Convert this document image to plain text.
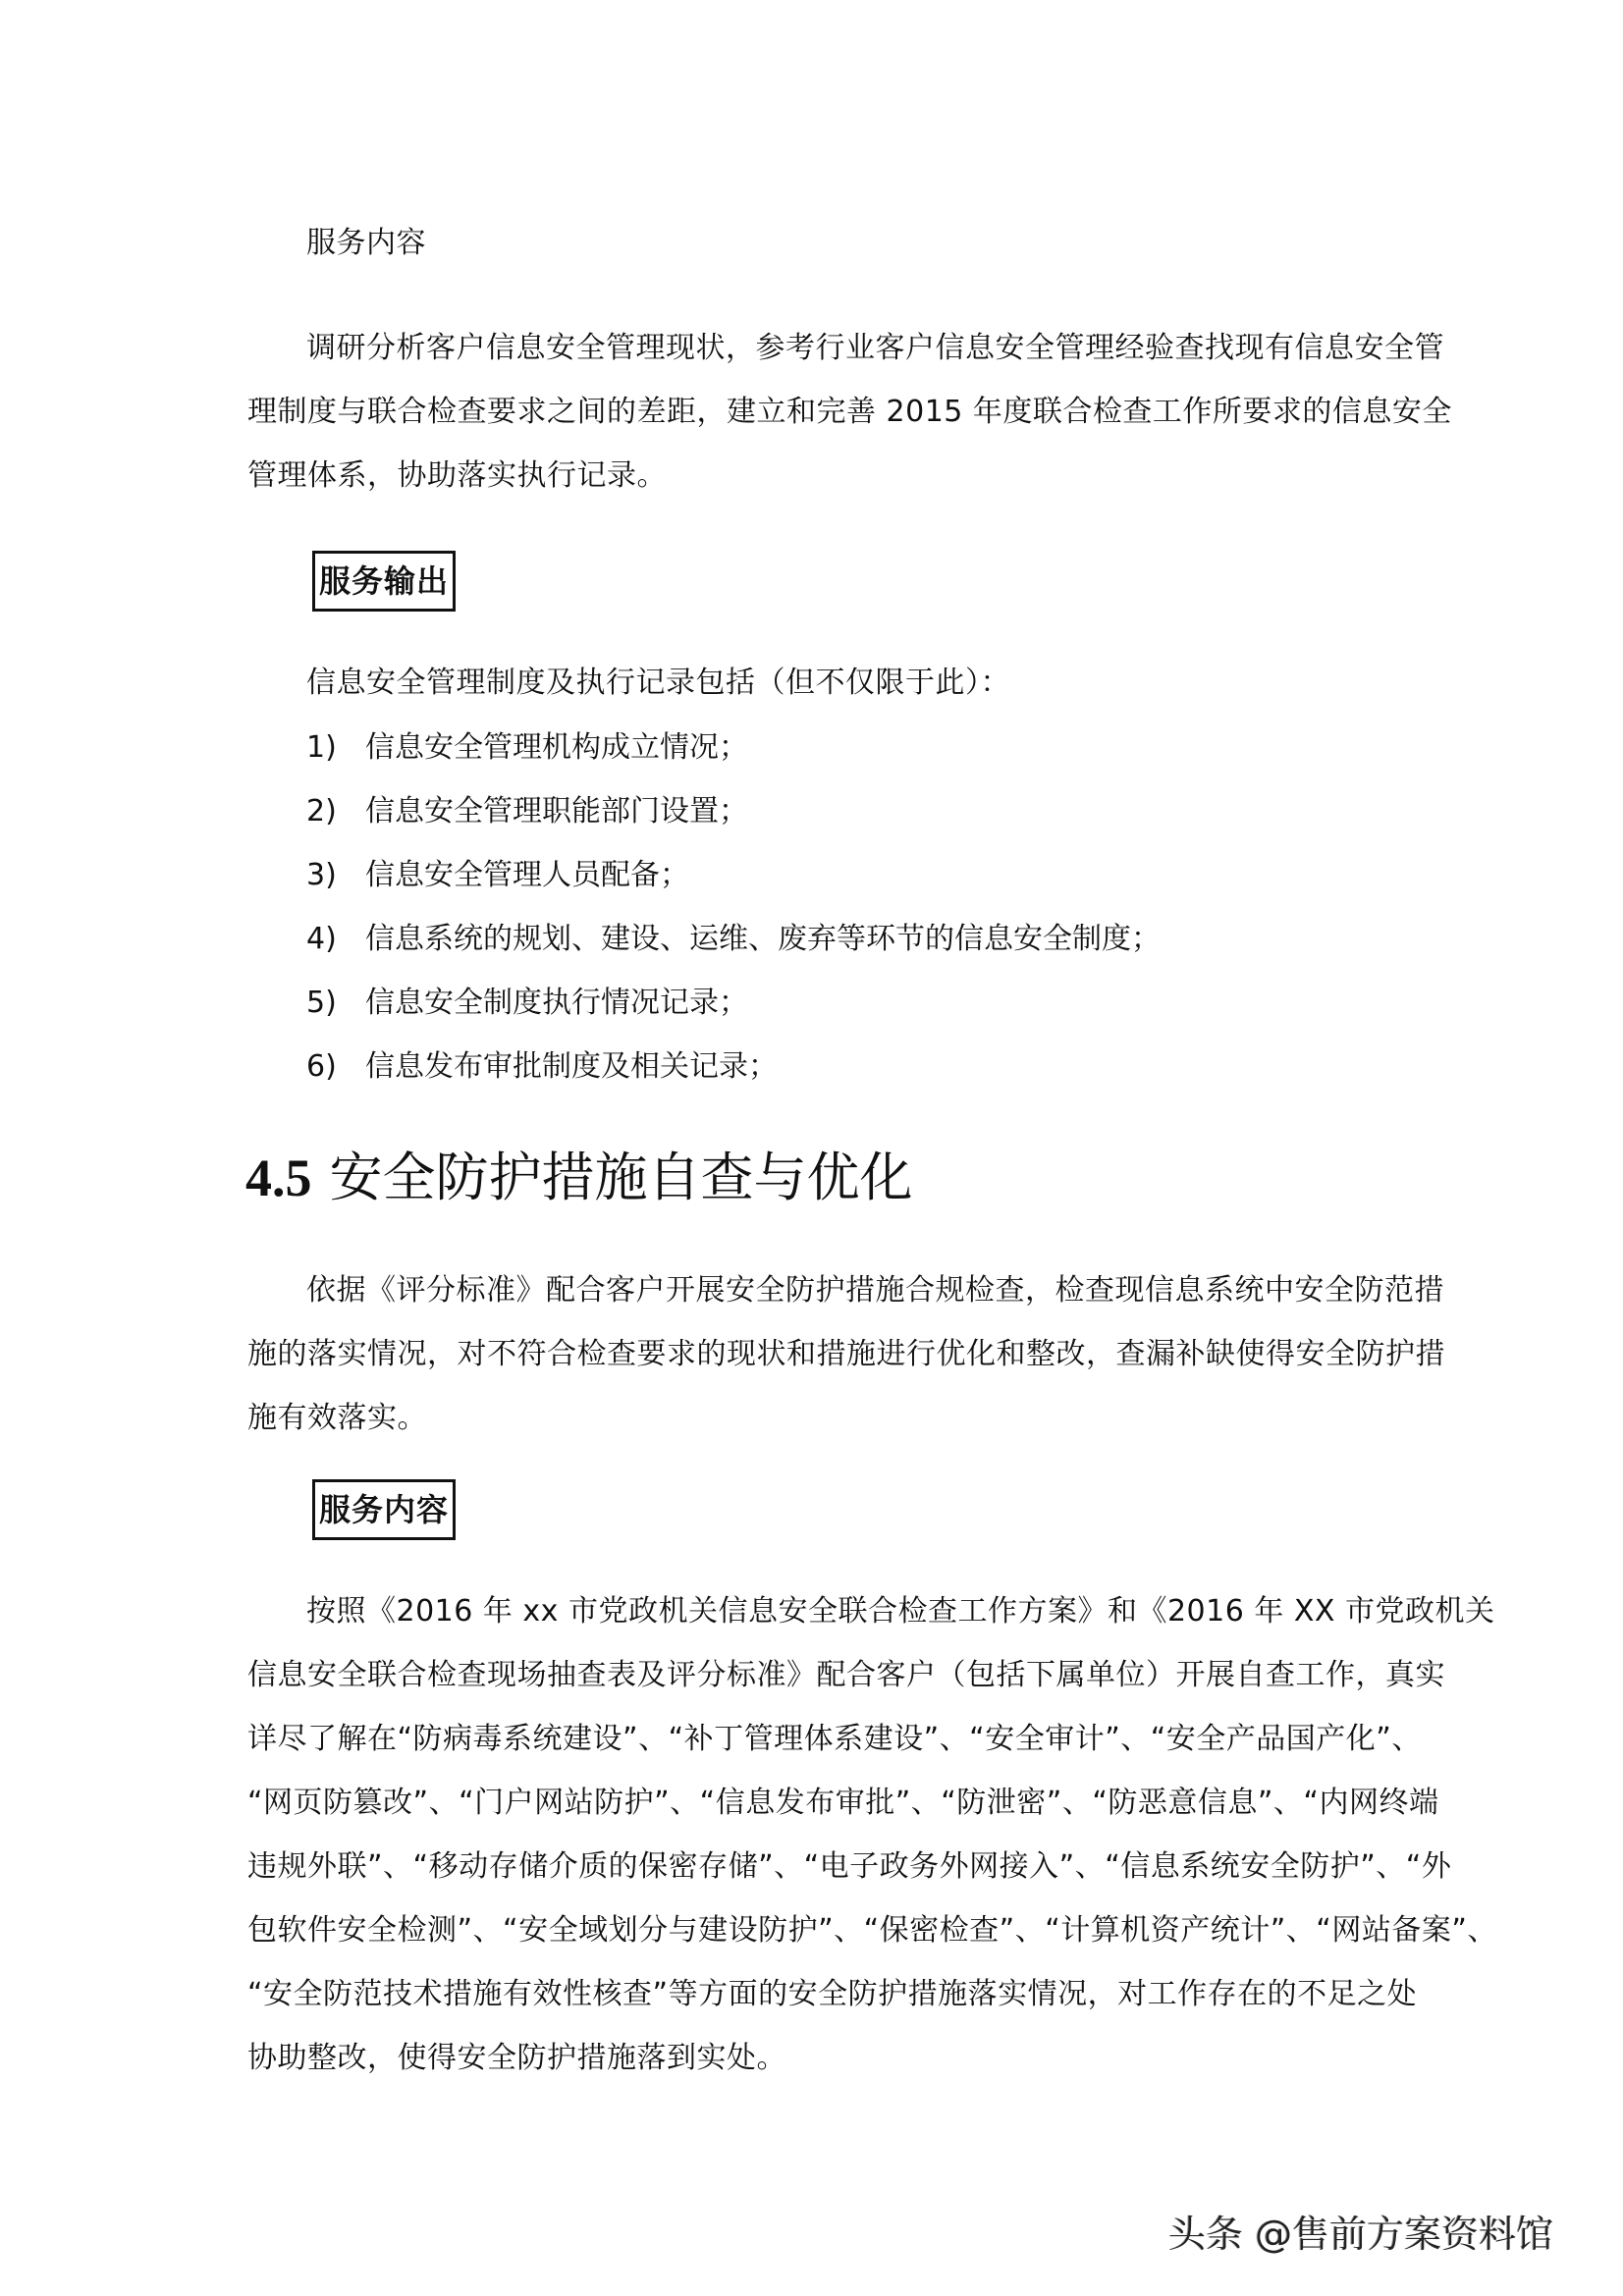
服务内容
调研分析客户信息安全管理现状，参考行业客户信息安全管理经验查找现有信息安全管
理制度与联合检查要求之间的差距，建立和完善 2015 年度联合检查工作所要求的信息安全
管理体系，协助落实执行记录。
服务输出
信息安全管理制度及执行记录包括（但不仅限于此）：
1) 信息安全管理机构成立情况；
2) 信息安全管理职能部门设置；
3) 信息安全管理人员配备；
4) 信息系统的规划、建设、运维、废弃等环节的信息安全制度；
5) 信息安全制度执行情况记录；
6) 信息发布审批制度及相关记录；
4.5 安全防护措施自查与优化
依据《评分标准》配合客户开展安全防护措施合规检查，检查现信息系统中安全防范措
施的落实情况，对不符合检查要求的现状和措施进行优化和整改，查漏补缺使得安全防护措
施有效落实。
服务内容
按照《2016 年 xx 市党政机关信息安全联合检查工作方案》和《2016 年 XX 市党政机关
信息安全联合检查现场抽查表及评分标准》配合客户（包括下属单位）开展自查工作，真实
详尽了解在“防病毒系统建设”、“补丁管理体系建设”、“安全审计”、“安全产品国产化”、
“网页防篡改”、“门户网站防护”、“信息发布审批”、“防泄密”、“防恶意信息”、“内网终端
违规外联”、“移动存储介质的保密存储”、“电子政务外网接入”、“信息系统安全防护”、“外
包软件安全检测”、“安全域划分与建设防护”、“保密检查”、“计算机资产统计”、“网站备案”、
“安全防范技术措施有效性核查”等方面的安全防护措施落实情况，对工作存在的不足之处
协助整改，使得安全防护措施落到实处。
头条 @售前方案资料馆
